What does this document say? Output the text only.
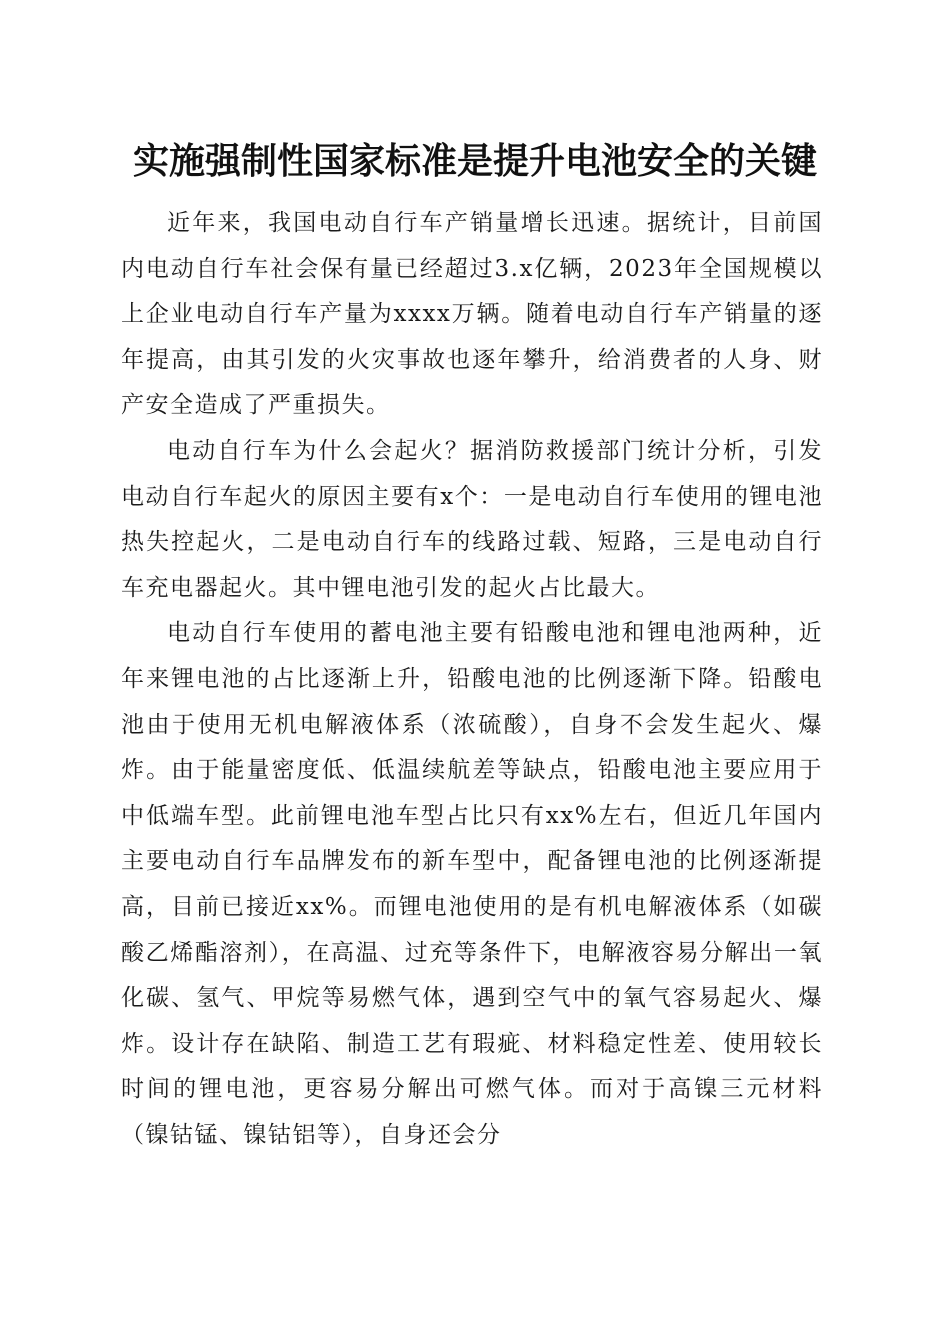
实施强制性国家标准是提升电池安全的关键

近年来，我国电动自行车产销量增长迅速。据统计，目前国内电动自行车社会保有量已经超过3.x亿辆，2023年全国规模以上企业电动自行车产量为xxxx万辆。随着电动自行车产销量的逐年提高，由其引发的火灾事故也逐年攀升，给消费者的人身、财产安全造成了严重损失。

电动自行车为什么会起火？据消防救援部门统计分析，引发电动自行车起火的原因主要有x个：一是电动自行车使用的锂电池热失控起火，二是电动自行车的线路过载、短路，三是电动自行车充电器起火。其中锂电池引发的起火占比最大。

电动自行车使用的蓄电池主要有铅酸电池和锂电池两种，近年来锂电池的占比逐渐上升，铅酸电池的比例逐渐下降。铅酸电池由于使用无机电解液体系（浓硫酸），自身不会发生起火、爆炸。由于能量密度低、低温续航差等缺点，铅酸电池主要应用于中低端车型。此前锂电池车型占比只有xx%左右，但近几年国内主要电动自行车品牌发布的新车型中，配备锂电池的比例逐渐提高，目前已接近xx%。而锂电池使用的是有机电解液体系（如碳酸乙烯酯溶剂），在高温、过充等条件下，电解液容易分解出一氧化碳、氢气、甲烷等易燃气体，遇到空气中的氧气容易起火、爆炸。设计存在缺陷、制造工艺有瑕疵、材料稳定性差、使用较长时间的锂电池，更容易分解出可燃气体。而对于高镍三元材料（镍钴锰、镍钴铝等），自身还会分
